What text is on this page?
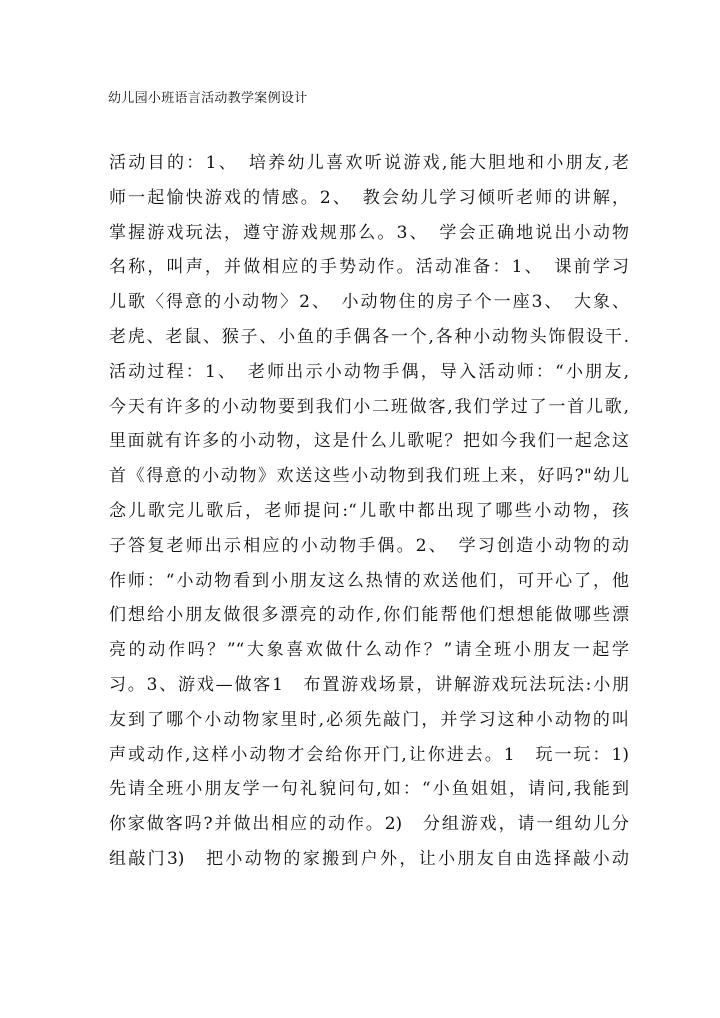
幼儿园小班语言活动教学案例设计
活动目的：1、　培养幼儿喜欢听说游戏,能大胆地和小朋友,老
师一起愉快游戏的情感。2、　教会幼儿学习倾听老师的讲解，
掌握游戏玩法，遵守游戏规那么。3、　学会正确地说出小动物
名称，叫声，并做相应的手势动作。活动准备：1、　课前学习
儿歌〈得意的小动物〉2、　小动物住的房子个一座3、　大象、
老虎、老鼠、猴子、小鱼的手偶各一个,各种小动物头饰假设干.
活动过程：1、　老师出示小动物手偶，导入活动师：“小朋友,
今天有许多的小动物要到我们小二班做客,我们学过了一首儿歌,
里面就有许多的小动物，这是什么儿歌呢？把如今我们一起念这
首《得意的小动物》欢送这些小动物到我们班上来，好吗?"幼儿
念儿歌完儿歌后，老师提问:“儿歌中都出现了哪些小动物，孩
子答复老师出示相应的小动物手偶。2、　学习创造小动物的动
作师：“小动物看到小朋友这么热情的欢送他们，可开心了，他
们想给小朋友做很多漂亮的动作,你们能帮他们想想能做哪些漂
亮的动作吗？”“大象喜欢做什么动作？”请全班小朋友一起学
习。3、游戏—做客1　布置游戏场景，讲解游戏玩法玩法:小朋
友到了哪个小动物家里时,必须先敲门，并学习这种小动物的叫
声或动作,这样小动物才会给你开门,让你进去。1　玩一玩：1)
先请全班小朋友学一句礼貌问句,如：“小鱼姐姐，请问,我能到
你家做客吗?并做出相应的动作。2)　分组游戏，请一组幼儿分
组敲门3)　把小动物的家搬到户外，让小朋友自由选择敲小动
